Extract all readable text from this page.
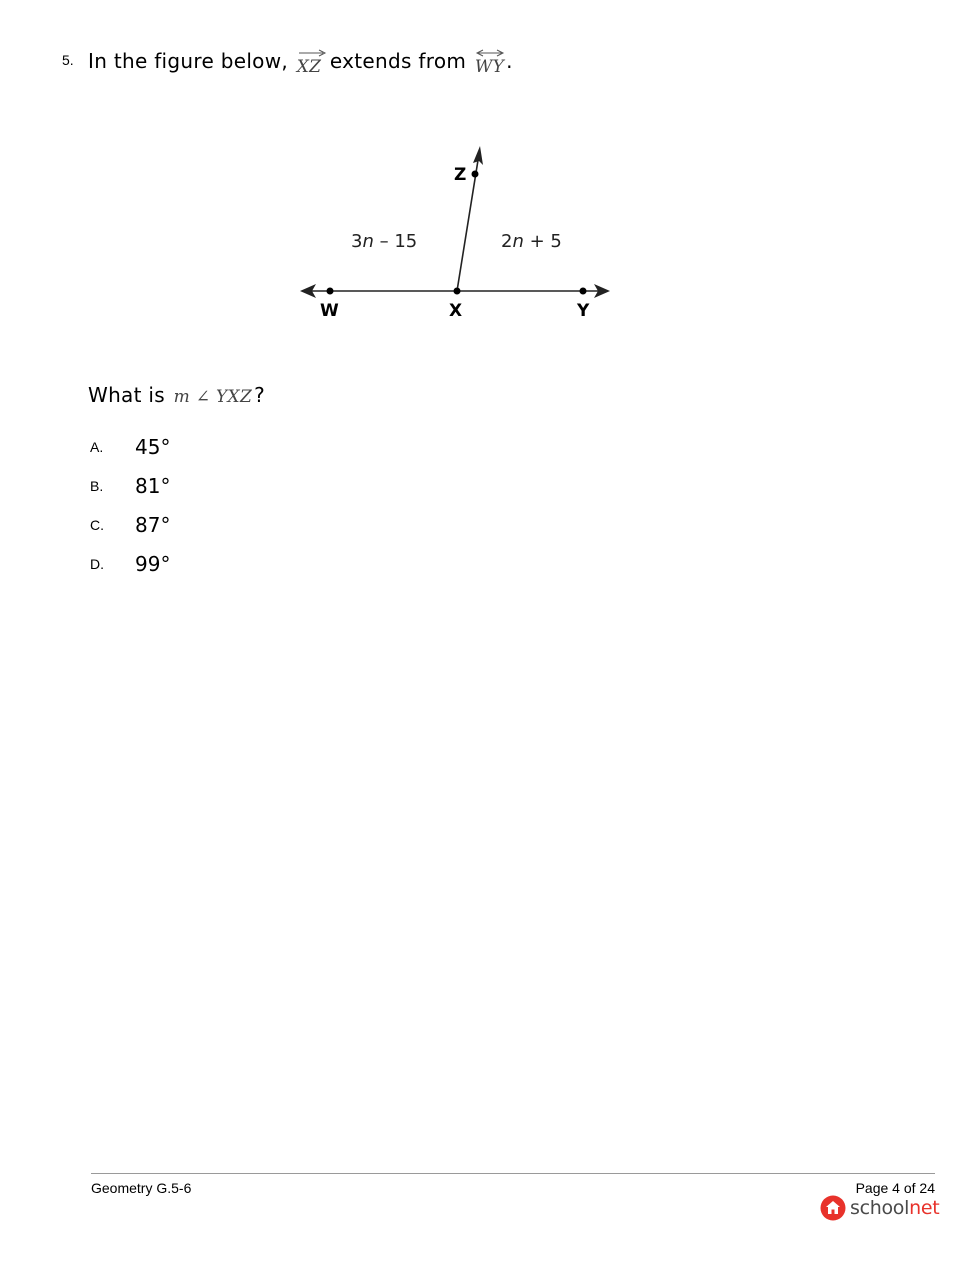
5. In the figure below, XZ extends from WY .
Z
W	X	Y
3n – 15	2n + 5
What is m ∠ YXZ ?
A. 45°
B. 81°
C. 87°
D. 99°
Geometry G.5-6	Page 4 of 24
schoolnet
